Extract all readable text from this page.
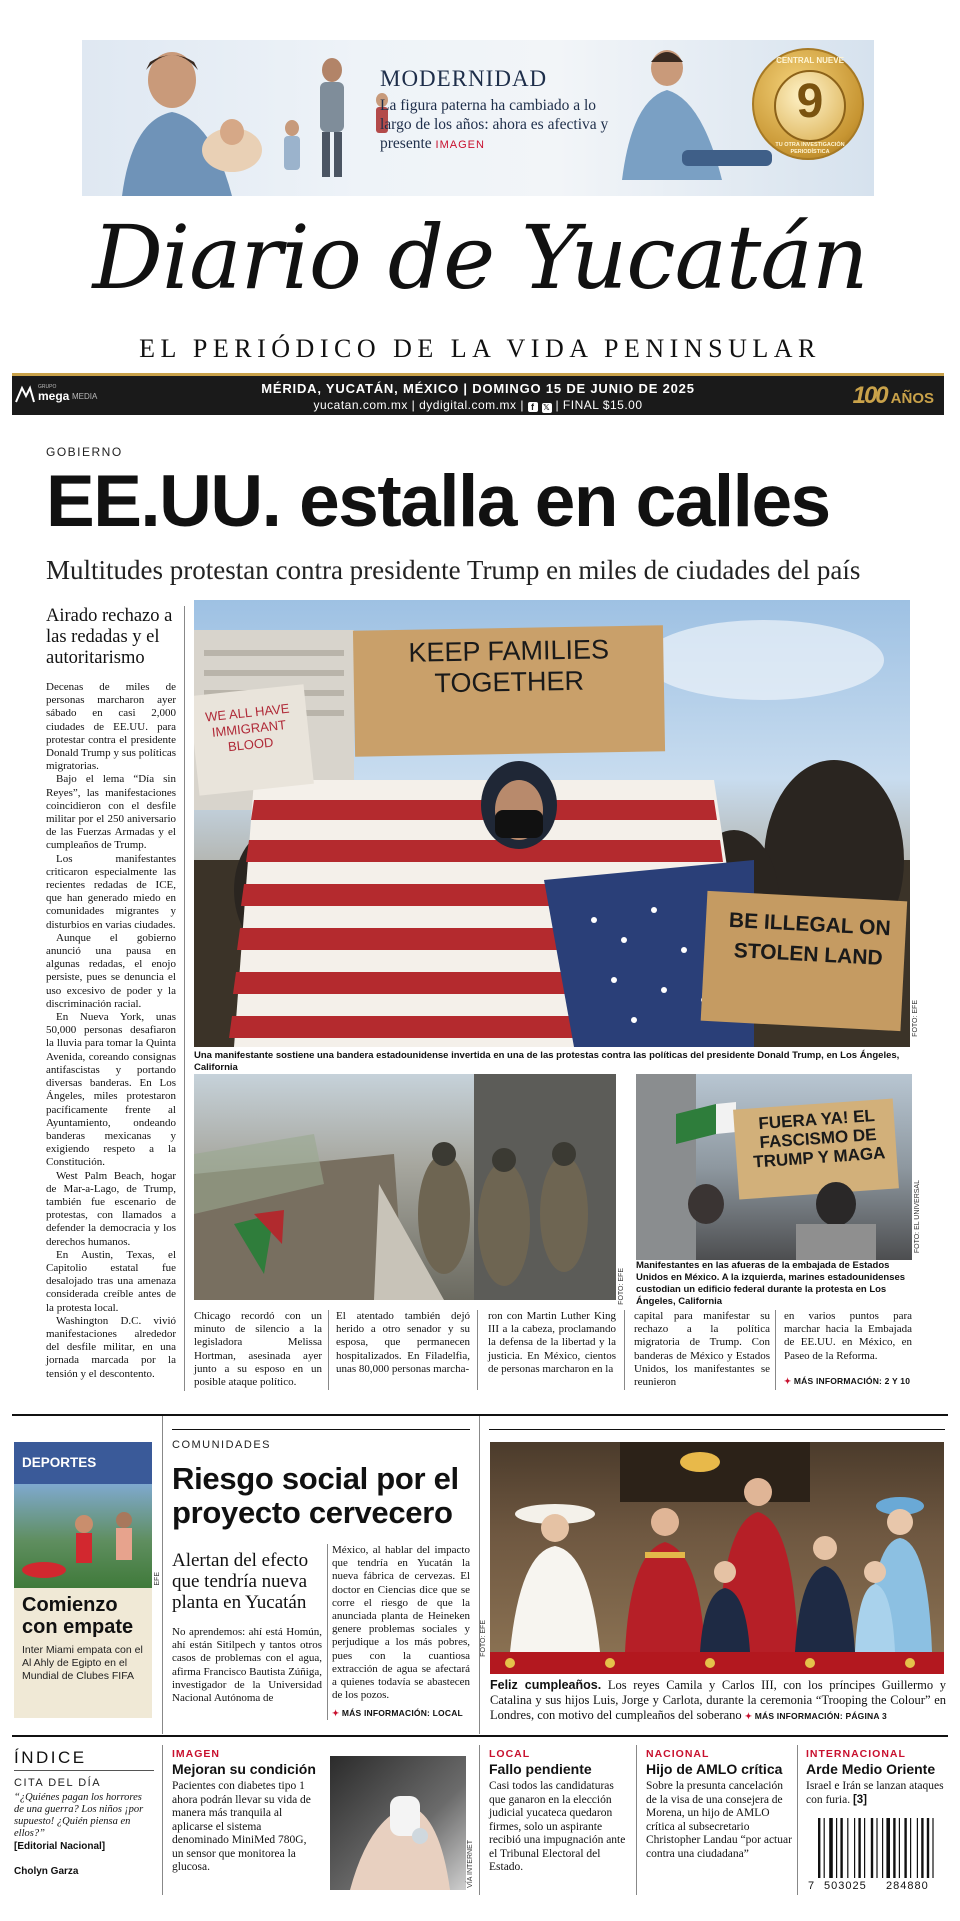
MODERNIDAD
La figura paterna ha cambiado a lo largo de los años: ahora es afectiva y presente IMAGEN
9
CENTRAL NUEVE
TU OTRA INVESTIGACIÓN PERIODÍSTICA
Diario de Yucatán
EL PERIÓDICO DE LA VIDA PENINSULAR
GRUPO
mega MEDIA
MÉRIDA, YUCATÁN, MÉXICO | DOMINGO 15 DE JUNIO DE 2025
yucatan.com.mx | dydigital.com.mx | f 𝕏 | FINAL $15.00	100 AÑOS
GOBIERNO
EE.UU. estalla en calles
Multitudes protestan contra presidente Trump en miles de ciudades del país
Airado rechazo a las redadas y el autoritarismo

Decenas de miles de personas marcharon ayer sábado en casi 2,000 ciudades de EE.UU. para protestar contra el presidente Donald Trump y sus políticas migratorias.

Bajo el lema “Día sin Reyes”, las manifestaciones coincidieron con el desfile militar por el 250 aniversario de las Fuerzas Armadas y el cumpleaños de Trump.

Los manifestantes criticaron especialmente las recientes redadas de ICE, que han generado miedo en comunidades migrantes y disturbios en varias ciudades.

Aunque el gobierno anunció una pausa en algunas redadas, el enojo persiste, pues se denuncia el uso excesivo de poder y la discriminación racial.

En Nueva York, unas 50,000 personas desafiaron la lluvia para tomar la Quinta Avenida, coreando consignas antifascistas y portando diversas banderas. En Los Ángeles, miles protestaron pacíficamente frente al Ayuntamiento, ondeando banderas mexicanas y exigiendo respeto a la Constitución.

West Palm Beach, hogar de Mar-a-Lago, de Trump, también fue escenario de protestas, con llamados a defender la democracia y los derechos humanos.

En Austin, Texas, el Capitolio estatal fue desalojado tras una amenaza considerada creíble antes de la protesta local.

Washington D.C. vivió manifestaciones alrededor del desfile militar, en una jornada marcada por la tensión y el descontento.

KEEP FAMILIES TOGETHER
WE ALL HAVE IMMIGRANT BLOOD
BE ILLEGAL ON STOLEN LAND
FOTO: EFE
Una manifestante sostiene una bandera estadounidense invertida en una de las protestas contra las políticas del presidente Donald Trump, en Los Ángeles, California
FOTO: EFE
FUERA YA! EL FASCISMO DE TRUMP Y MAGA
FOTO: EL UNIVERSAL
Manifestantes en las afueras de la embajada de Estados Unidos en México. A la izquierda, marines estadounidenses custodian un edificio federal durante la protesta en Los Ángeles, California
Chicago recordó con un minuto de silencio a la legisladora Melissa Hortman, asesinada ayer junto a su esposo en un posible ataque político.
El atentado también dejó herido a otro senador y su esposa, que permanecen hospitalizados. En Filadelfia, unas 80,000 personas marcha-
ron con Martin Luther King III a la cabeza, proclamando la defensa de la libertad y la justicia. En México, cientos de personas marcharon en la
capital para manifestar su rechazo a la política migratoria de Trump. Con banderas de México y Estados Unidos, los manifestantes se reunieron
en varios puntos para marchar hacia la Embajada de EE.UU. en México, en Paseo de la Reforma.
✦ MÁS INFORMACIÓN: 2 Y 10
DEPORTES
EFE
Comienzo con empate
Inter Miami empata con el Al Ahly de Egipto en el Mundial de Clubes FIFA
COMUNIDADES
Riesgo social por el proyecto cervecero
Alertan del efecto que tendría nueva planta en Yucatán
No aprendemos: ahí está Homún, ahí están Sitilpech y tantos otros casos de problemas con el agua, afirma Francisco Bautista Zúñiga, investigador de la Universidad Nacional Autónoma de
México, al hablar del impacto que tendría en Yucatán la nueva fábrica de cervezas. El doctor en Ciencias dice que se corre el riesgo de que la anunciada planta de Heineken genere problemas sociales y perjudique a los más pobres, pues con la cuantiosa extracción de agua se afectará a quienes todavía se abastecen de los pozos.
✦ MÁS INFORMACIÓN: LOCAL
FOTO: EFE
Feliz cumpleaños. Los reyes Camila y Carlos III, con los príncipes Guillermo y Catalina y sus hijos Luis, Jorge y Carlota, durante la ceremonia “Trooping the Colour” en Londres, con motivo del cumpleaños del soberano ✦ MÁS INFORMACIÓN: PÁGINA 3
ÍNDICE
CITA DEL DÍA
“¿Quiénes pagan los horrores de una guerra? Los niños ¡por supuesto! ¿Quién piensa en ellos?”
[Editorial Nacional]
Cholyn Garza
IMAGEN
Mejoran su condición
Pacientes con diabetes tipo 1 ahora podrán llevar su vida de manera más tranquila al aplicarse el sistema denominado MiniMed 780G, un sensor que monitorea la glucosa.	VÍA INTERNET
LOCAL
Fallo pendiente
Casi todos las candidaturas que ganaron en la elección judicial yucateca quedaron firmes, solo un aspirante recibió una impugnación ante el Tribunal Electoral del Estado.
NACIONAL
Hijo de AMLO crítica
Sobre la presunta cancelación de la visa de una consejera de Morena, un hijo de AMLO crítica al subsecretario Christopher Landau “por actuar contra una ciudadana”
INTERNACIONAL
Arde Medio Oriente
Israel e Irán se lanzan ataques con furia. [3]
7 503025 284880
